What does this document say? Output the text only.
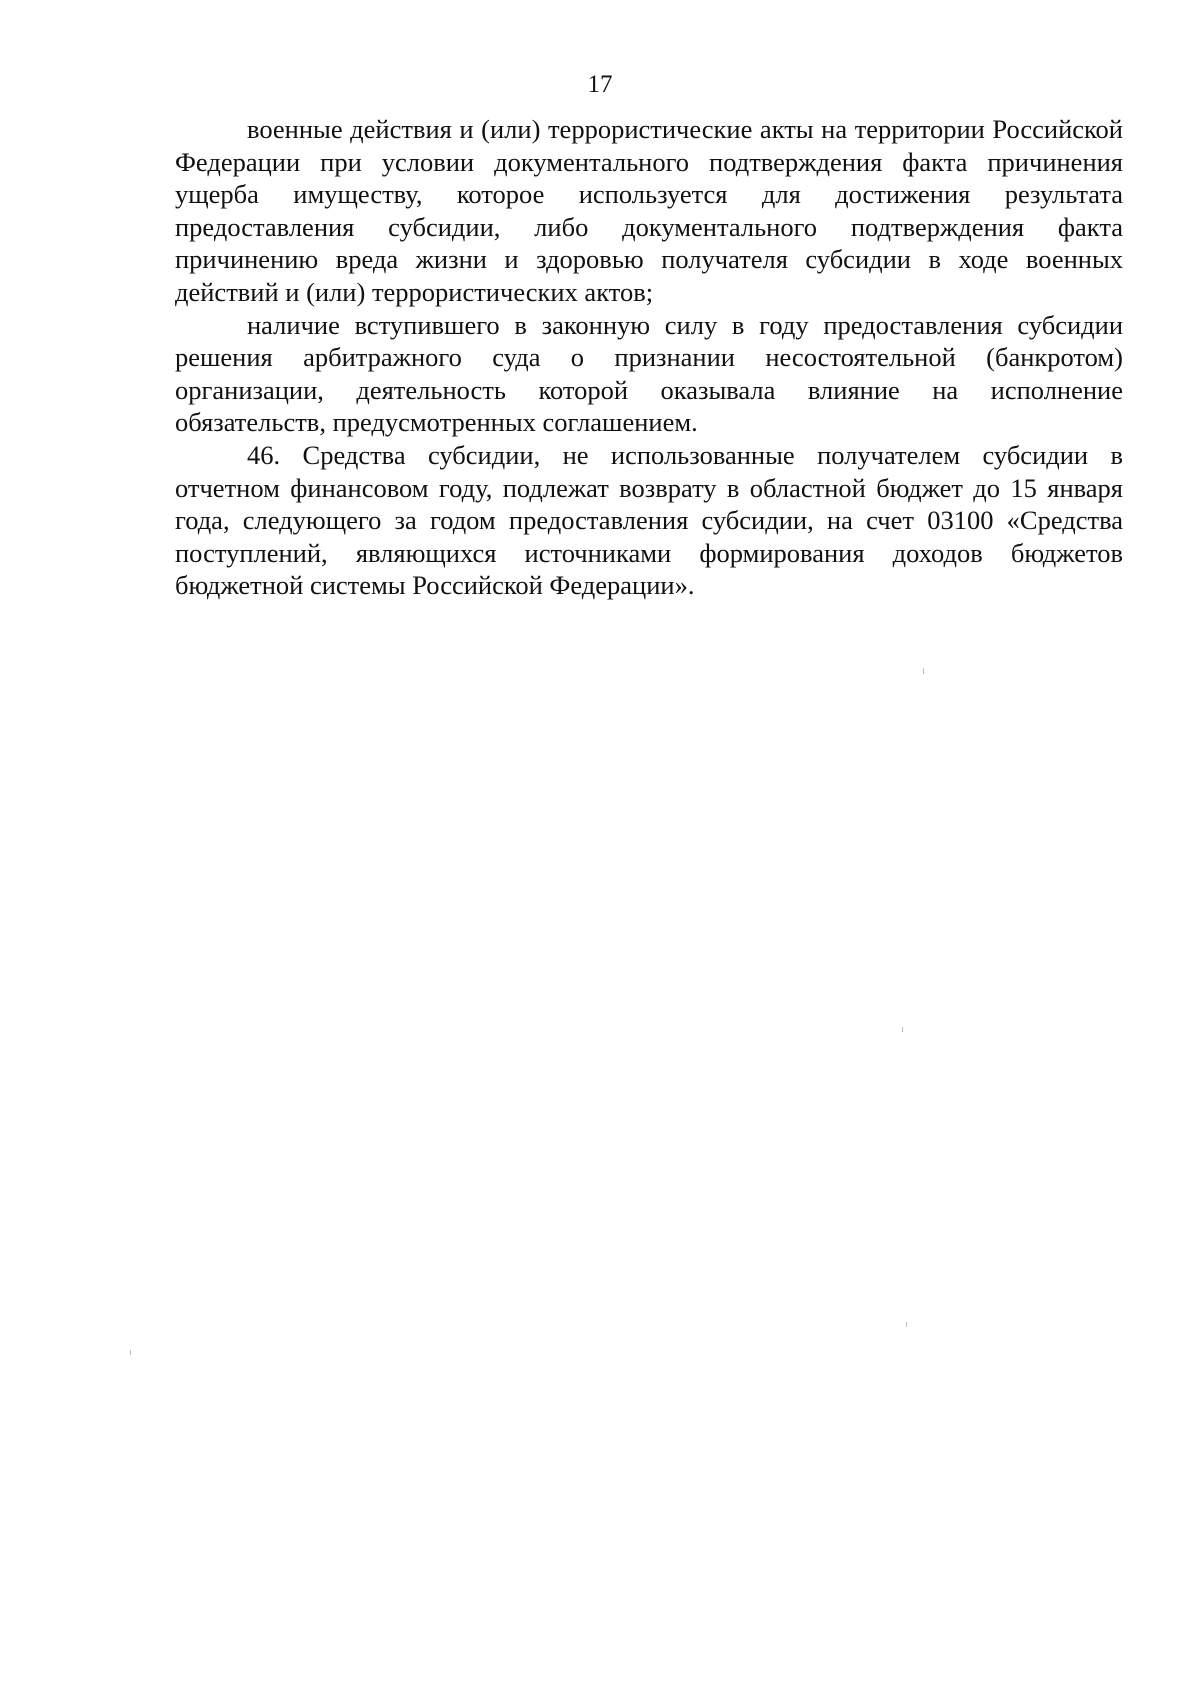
17

военные действия и (или) террористические акты на территории Российской Федерации при условии документального подтверждения факта причинения ущерба имуществу, которое используется для достижения результата предоставления субсидии, либо документального подтверждения факта причинению вреда жизни и здоровью получателя субсидии в ходе военных действий и (или) террористических актов;

наличие вступившего в законную силу в году предоставления субсидии решения арбитражного суда о признании несостоятельной (банкротом) организации, деятельность которой оказывала влияние на исполнение обязательств, предусмотренных соглашением.

46. Средства субсидии, не использованные получателем субсидии в отчетном финансовом году, подлежат возврату в областной бюджет до 15 января года, следующего за годом предоставления субсидии, на счет 03100 «Средства поступлений, являющихся источниками формирования доходов бюджетов бюджетной системы Российской Федерации».
